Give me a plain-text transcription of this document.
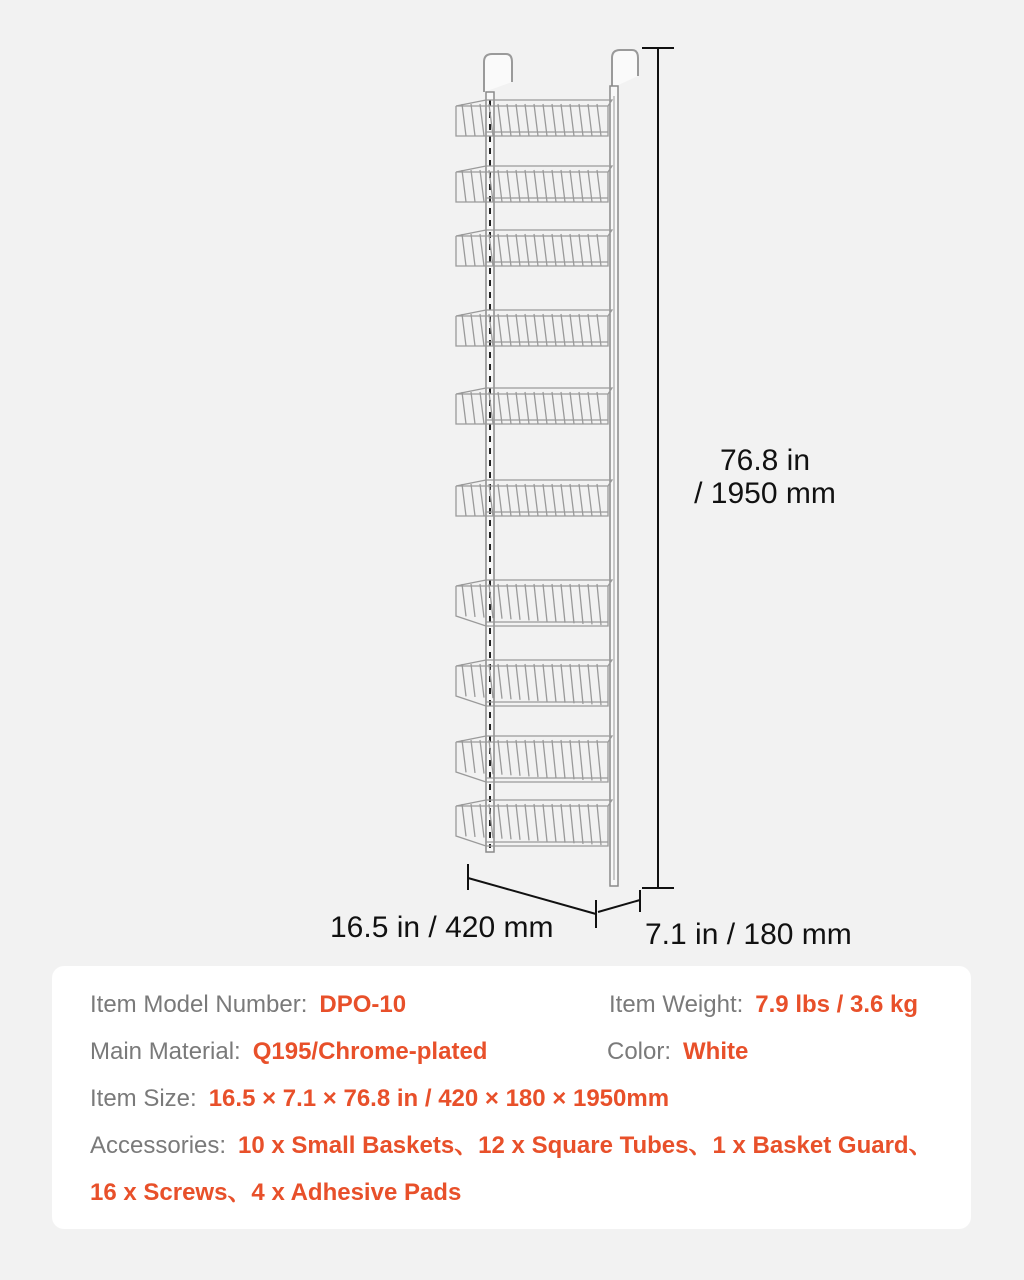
76.8 in
/ 1950 mm
16.5 in / 420 mm	7.1 in / 180 mm
Item Model Number: DPO-10	Item Weight: 7.9 lbs / 3.6 kg
Main Material: Q195/Chrome-plated	Color: White
Item Size: 16.5 × 7.1 × 76.8 in / 420 × 180 × 1950mm
Accessories: 10 x Small Baskets、12 x Square Tubes、1 x Basket Guard、
16 x Screws、4 x Adhesive Pads
